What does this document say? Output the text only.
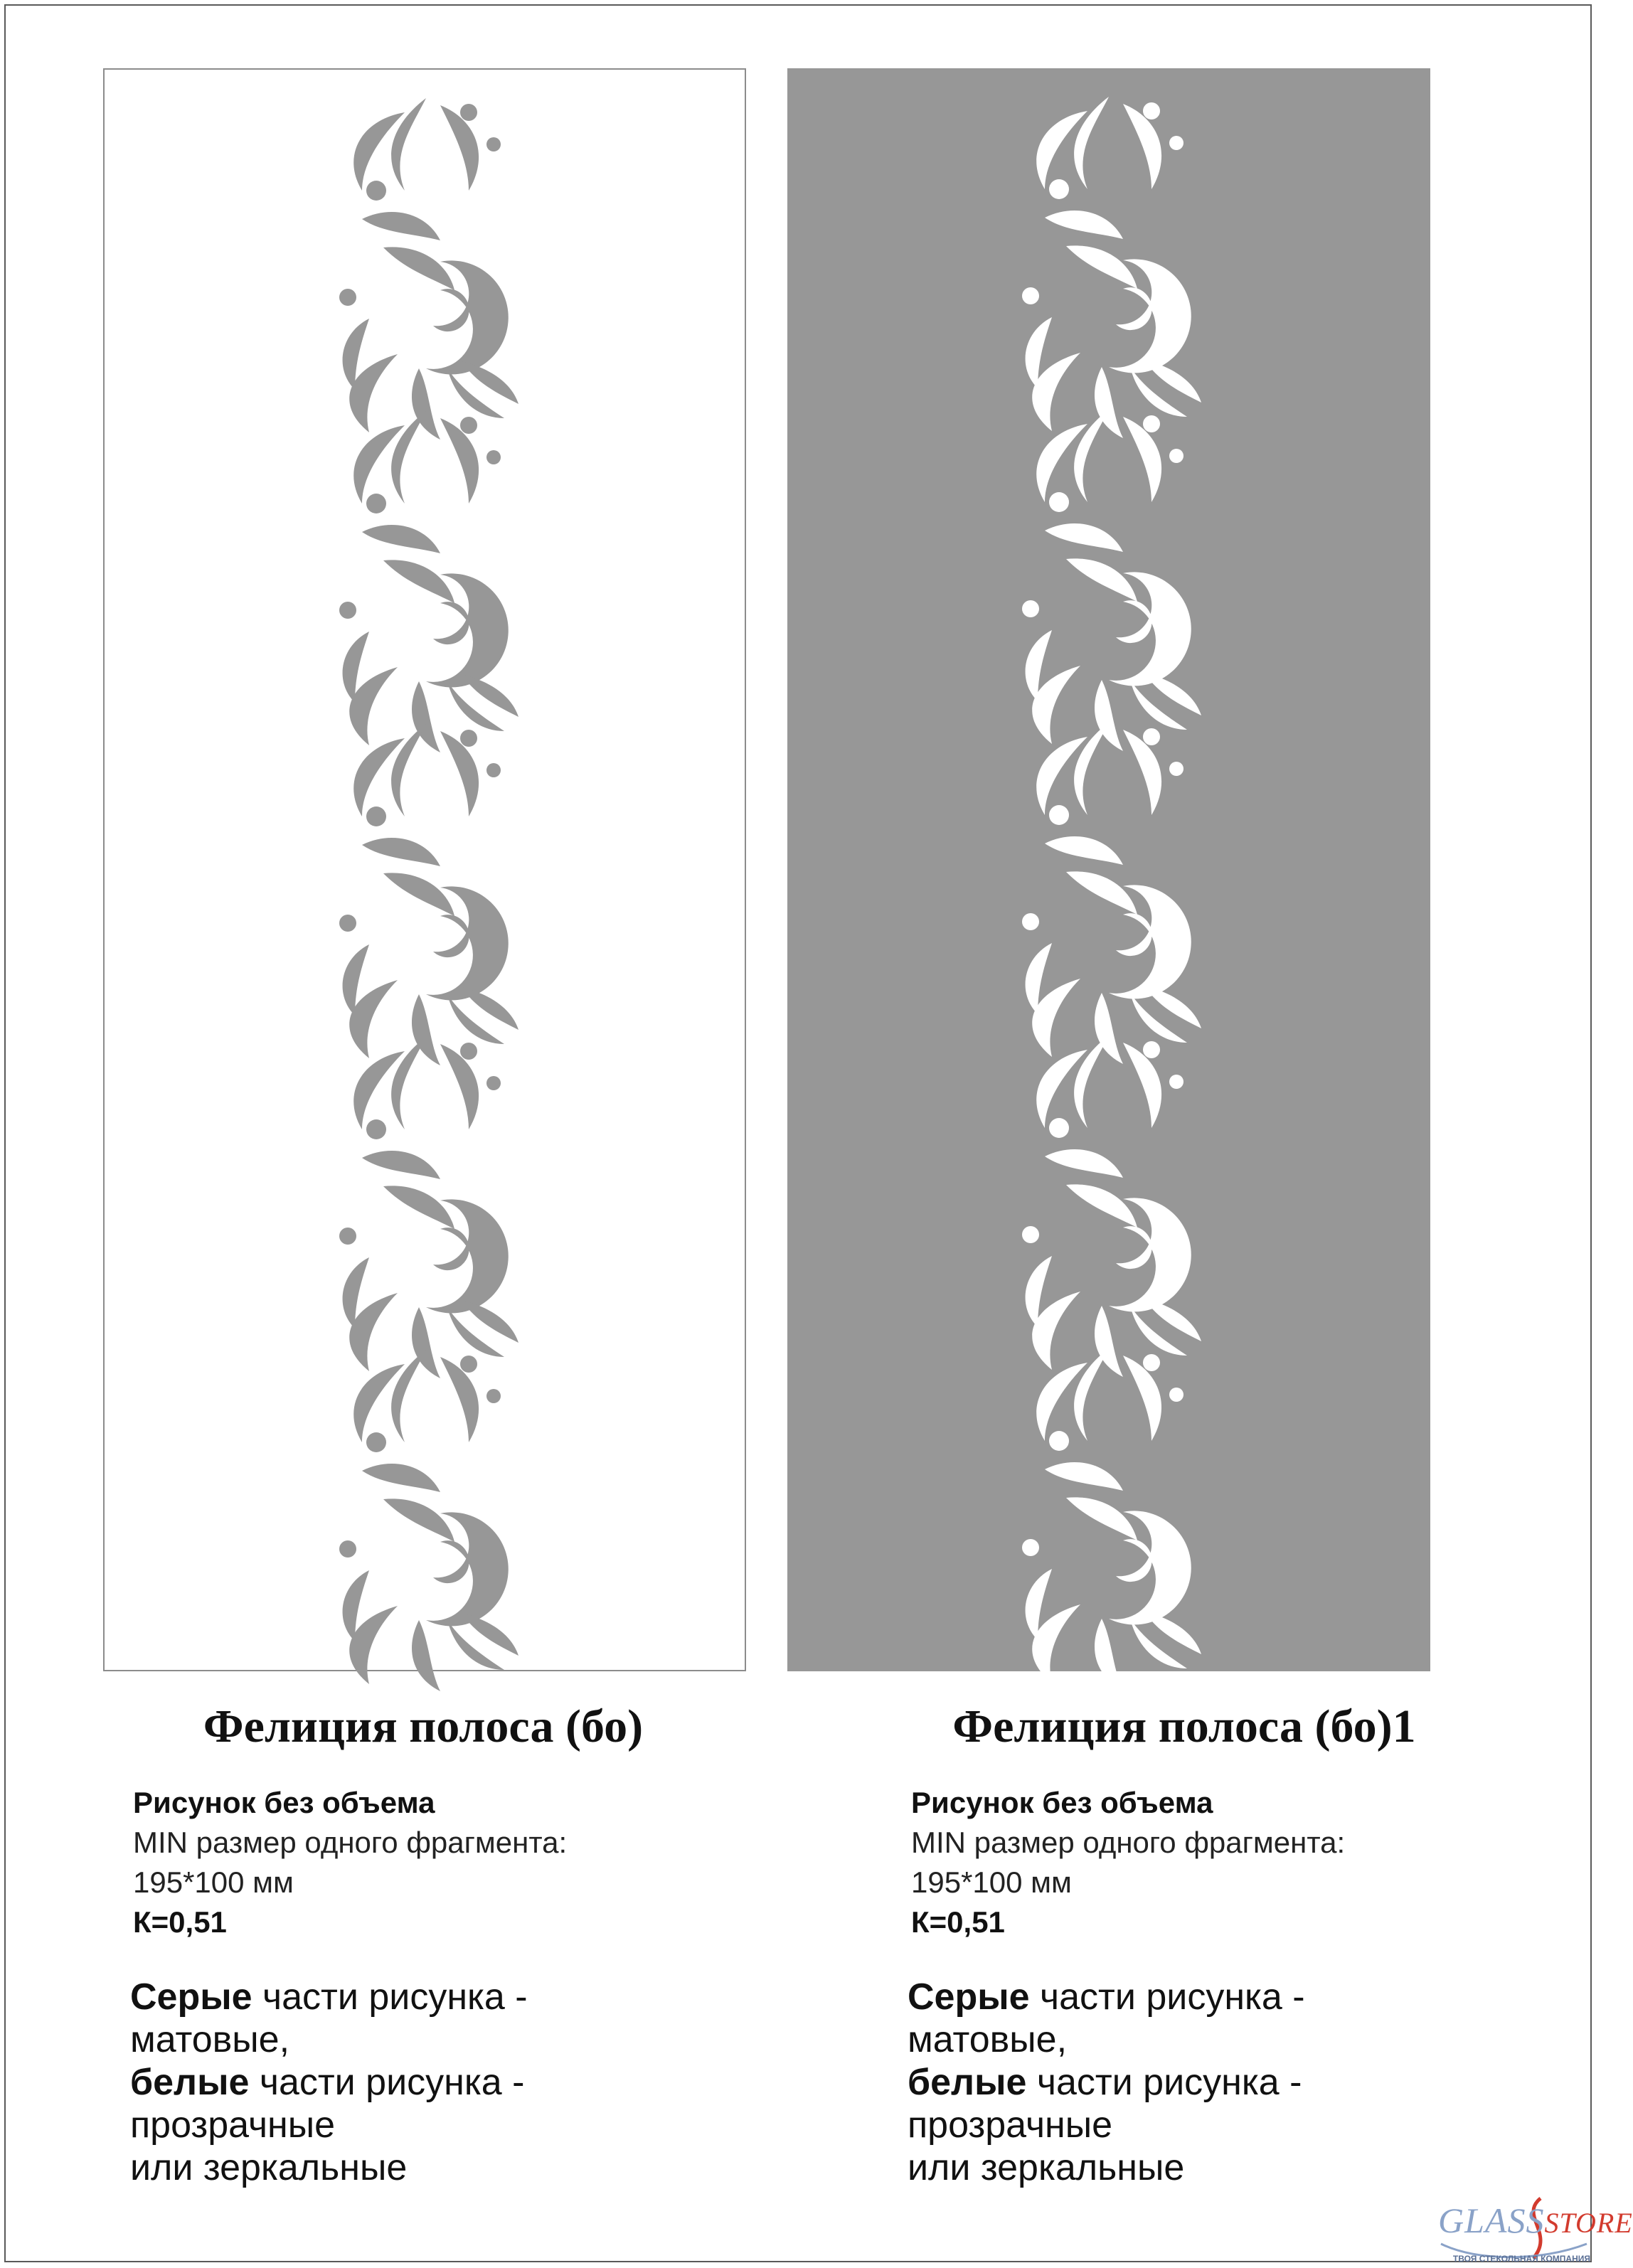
Фелиция полоса (бо)	Фелиция полоса (бо)1
Рисунок без объема
MIN размер одного фрагмента:
195*100 мм
К=0,51
Рисунок без объема
MIN размер одного фрагмента:
195*100 мм
К=0,51
Серые части рисунка -
матовые,
белые части рисунка -
прозрачные
или зеркальные
Серые части рисунка -
матовые,
белые части рисунка -
прозрачные
или зеркальные
GLASSSTORE
ТВОЯ СТЕКОЛЬНАЯ КОМПАНИЯ
